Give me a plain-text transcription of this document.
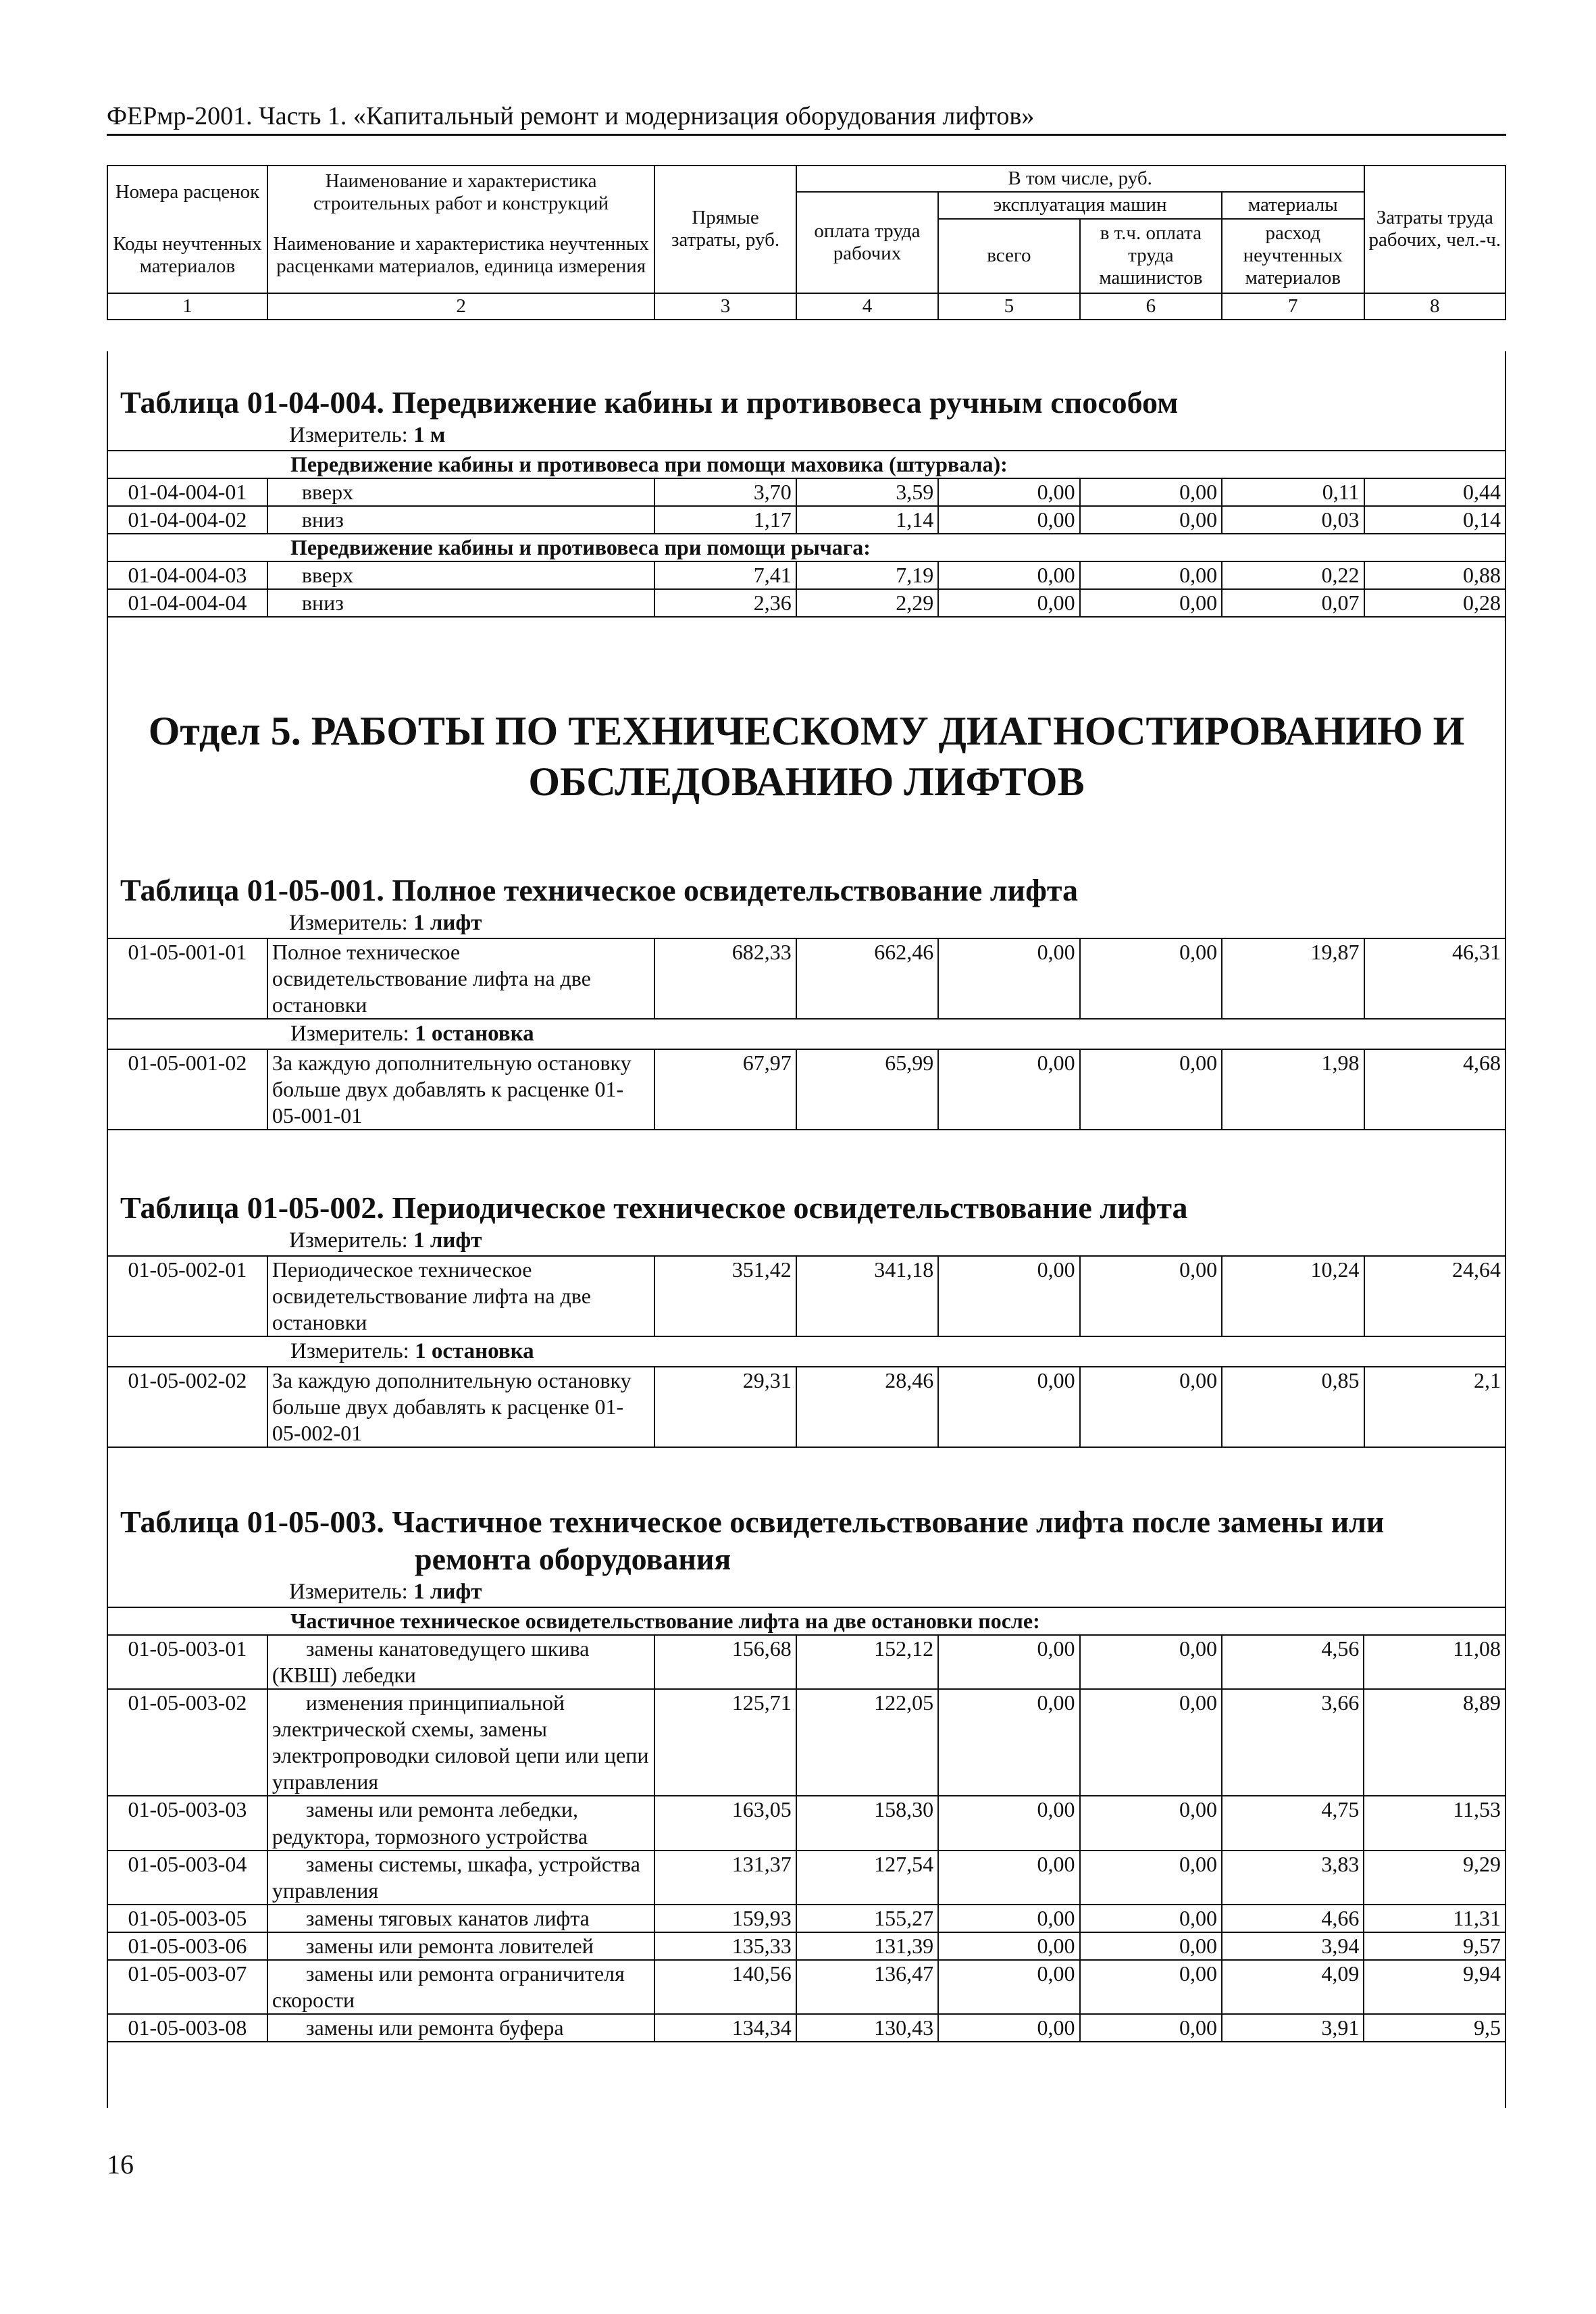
ФЕРмр-2001. Часть 1. «Капитальный ремонт и модернизация оборудования лифтов»
Номера расценок	Наименование и характеристика строительных работ и конструкций	Прямые затраты, руб.	В том числе, руб.				Затраты труда рабочих, чел.-ч.
			оплата труда рабочих	эксплуатация машин		материалы	
Коды неучтенных материалов	Наименование и характеристика неучтенных расценками материалов, единица измерения			всего	в т.ч. оплата труда машинистов	расход неучтенных материалов	

1	2	3	4	5	6	7	8
Таблица 01-04-004. Передвижение кабины и противовеса ручным способом
Измеритель: 1 м
Передвижение кабины и противовеса при помощи маховика (штурвала):							
01-04-004-01	вверх	3,70	3,59	0,00	0,00	0,11	0,44
01-04-004-02	вниз	1,17	1,14	0,00	0,00	0,03	0,14
Передвижение кабины и противовеса при помощи рычага:							
01-04-004-03	вверх	7,41	7,19	0,00	0,00	0,22	0,88
01-04-004-04	вниз	2,36	2,29	0,00	0,00	0,07	0,28
Отдел 5. РАБОТЫ ПО ТЕХНИЧЕСКОМУ ДИАГНОСТИРОВАНИЮ И
ОБСЛЕДОВАНИЮ ЛИФТОВ
Таблица 01-05-001. Полное техническое освидетельствование лифта
Измеритель: 1 лифт
01-05-001-01	Полное техническое освидетельствование лифта на две остановки	682,33	662,46	0,00	0,00	19,87	46,31
Измеритель: 1 остановка							
01-05-001-02	За каждую дополнительную остановку больше двух добавлять к расценке 01-05-001-01	67,97	65,99	0,00	0,00	1,98	4,68
Таблица 01-05-002. Периодическое техническое освидетельствование лифта
Измеритель: 1 лифт
01-05-002-01	Периодическое техническое освидетельствование лифта на две остановки	351,42	341,18	0,00	0,00	10,24	24,64
Измеритель: 1 остановка							
01-05-002-02	За каждую дополнительную остановку больше двух добавлять к расценке 01-05-002-01	29,31	28,46	0,00	0,00	0,85	2,1
Таблица 01-05-003. Частичное техническое освидетельствование лифта после замены или
ремонта оборудования
Измеритель: 1 лифт
Частичное техническое освидетельствование лифта на две остановки после:							
01-05-003-01	замены канатоведущего шкива (КВШ) лебедки	156,68	152,12	0,00	0,00	4,56	11,08
01-05-003-02	изменения принципиальной электрической схемы, замены электропроводки силовой цепи или цепи управления	125,71	122,05	0,00	0,00	3,66	8,89
01-05-003-03	замены или ремонта лебедки, редуктора, тормозного устройства	163,05	158,30	0,00	0,00	4,75	11,53
01-05-003-04	замены системы, шкафа, устройства управления	131,37	127,54	0,00	0,00	3,83	9,29
01-05-003-05	замены тяговых канатов лифта	159,93	155,27	0,00	0,00	4,66	11,31
01-05-003-06	замены или ремонта ловителей	135,33	131,39	0,00	0,00	3,94	9,57
01-05-003-07	замены или ремонта ограничителя скорости	140,56	136,47	0,00	0,00	4,09	9,94
01-05-003-08	замены или ремонта буфера	134,34	130,43	0,00	0,00	3,91	9,5
16
